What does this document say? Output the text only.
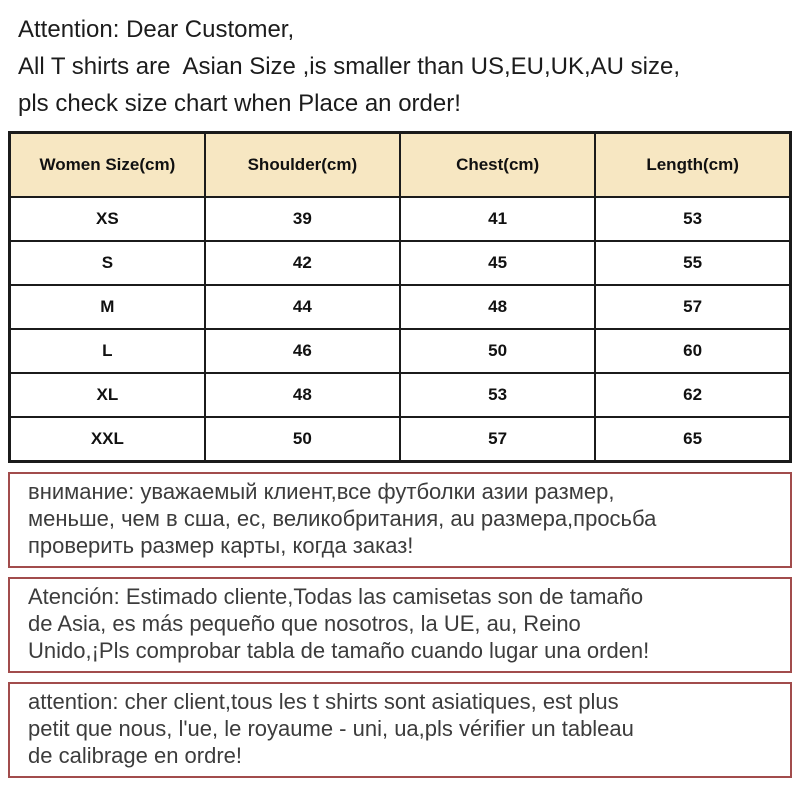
Attention: Dear Customer,
All T shirts are  Asian Size ,is smaller than US,EU,UK,AU size,
pls check size chart when Place an order!
Women Size(cm)	Shoulder(cm)	Chest(cm)	Length(cm)
XS	39	41	53
S	42	45	55
M	44	48	57
L	46	50	60
XL	48	53	62
XXL	50	57	65
внимание: уважаемый клиент,все футболки азии размер,
меньше, чем в сша, ес, великобритания, au размера,просьба
проверить размер карты, когда заказ!
Atención: Estimado cliente,Todas las camisetas son de tamaño
de Asia, es más pequeño que nosotros, la UE, au, Reino
Unido,¡Pls comprobar tabla de tamaño cuando lugar una orden!
attention: cher client,tous les t shirts sont asiatiques, est plus
petit que nous, l'ue, le royaume - uni, ua,pls vérifier un tableau
de calibrage en ordre!
